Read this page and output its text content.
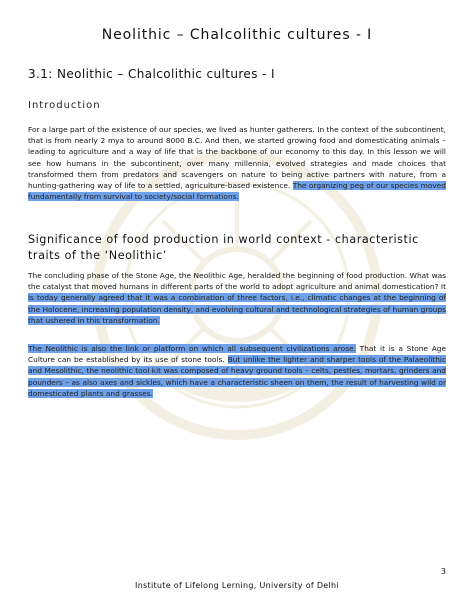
Neolithic – Chalcolithic cultures - I
3.1: Neolithic – Chalcolithic cultures - I
Introduction

For a large part of the existence of our species, we lived as hunter gatherers. In the context of the subcontinent, that is from nearly 2 mya to around 8000 B.C. And then, we started growing food and domesticating animals – leading to agriculture and a way of life that is the backbone of our economy to this day. In this lesson we will see how humans in the subcontinent, over many millennia, evolved strategies and made choices that transformed them from predators and scavengers on nature to being active partners with nature, from a hunting-gathering way of life to a settled, agriculture-based existence. The organizing peg of our species moved fundamentally from survival to society/social formations.

Significance of food production in world context - characteristic traits of the ‘Neolithic’

The concluding phase of the Stone Age, the Neolithic Age, heralded the beginning of food production. What was the catalyst that moved humans in different parts of the world to adopt agriculture and animal domestication? It is today generally agreed that it was a combination of three factors, i.e., climatic changes at the beginning of the Holocene, increasing population density, and evolving cultural and technological strategies of human groups that ushered in this transformation.

The Neolithic is also the link or platform on which all subsequent civilizations arose. That it is a Stone Age Culture can be established by its use of stone tools. But unlike the lighter and sharper tools of the Palaeolithic and Mesolithic, the neolithic tool kit was composed of heavy ground tools – celts, pestles, mortars, grinders and pounders – as also axes and sickles, which have a characteristic sheen on them, the result of harvesting wild or domesticated plants and grasses.

3
Institute of Lifelong Lerning, University of Delhi
